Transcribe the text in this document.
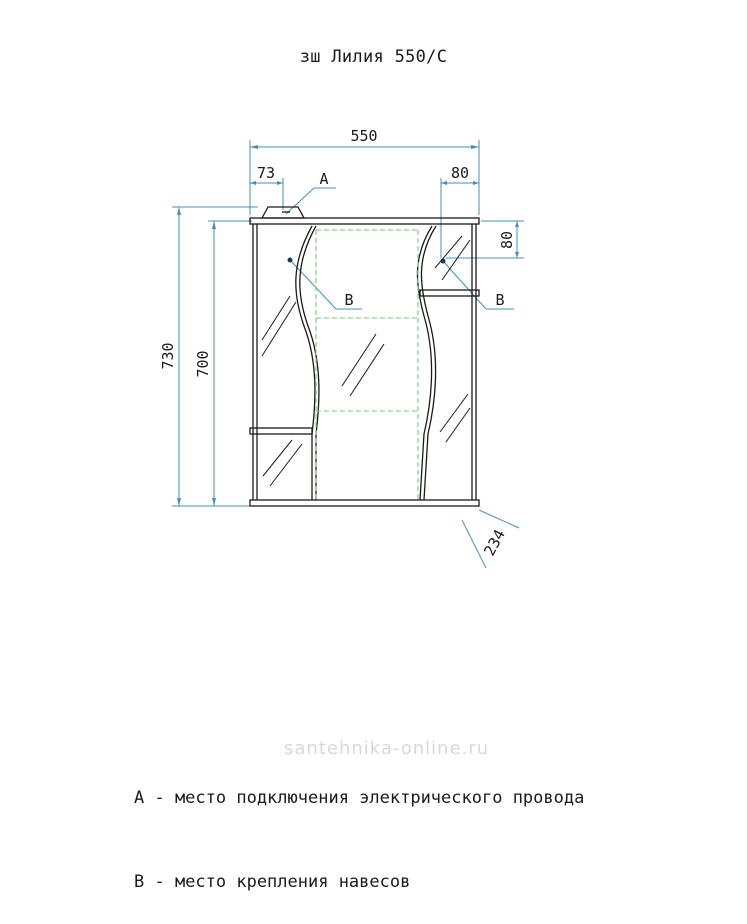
зш Лилия 550/С
550
73	80
80
730 700
234
A
B	B
santehnika-online.ru

А - место подключения электрического провода

В - место крепления навесов
